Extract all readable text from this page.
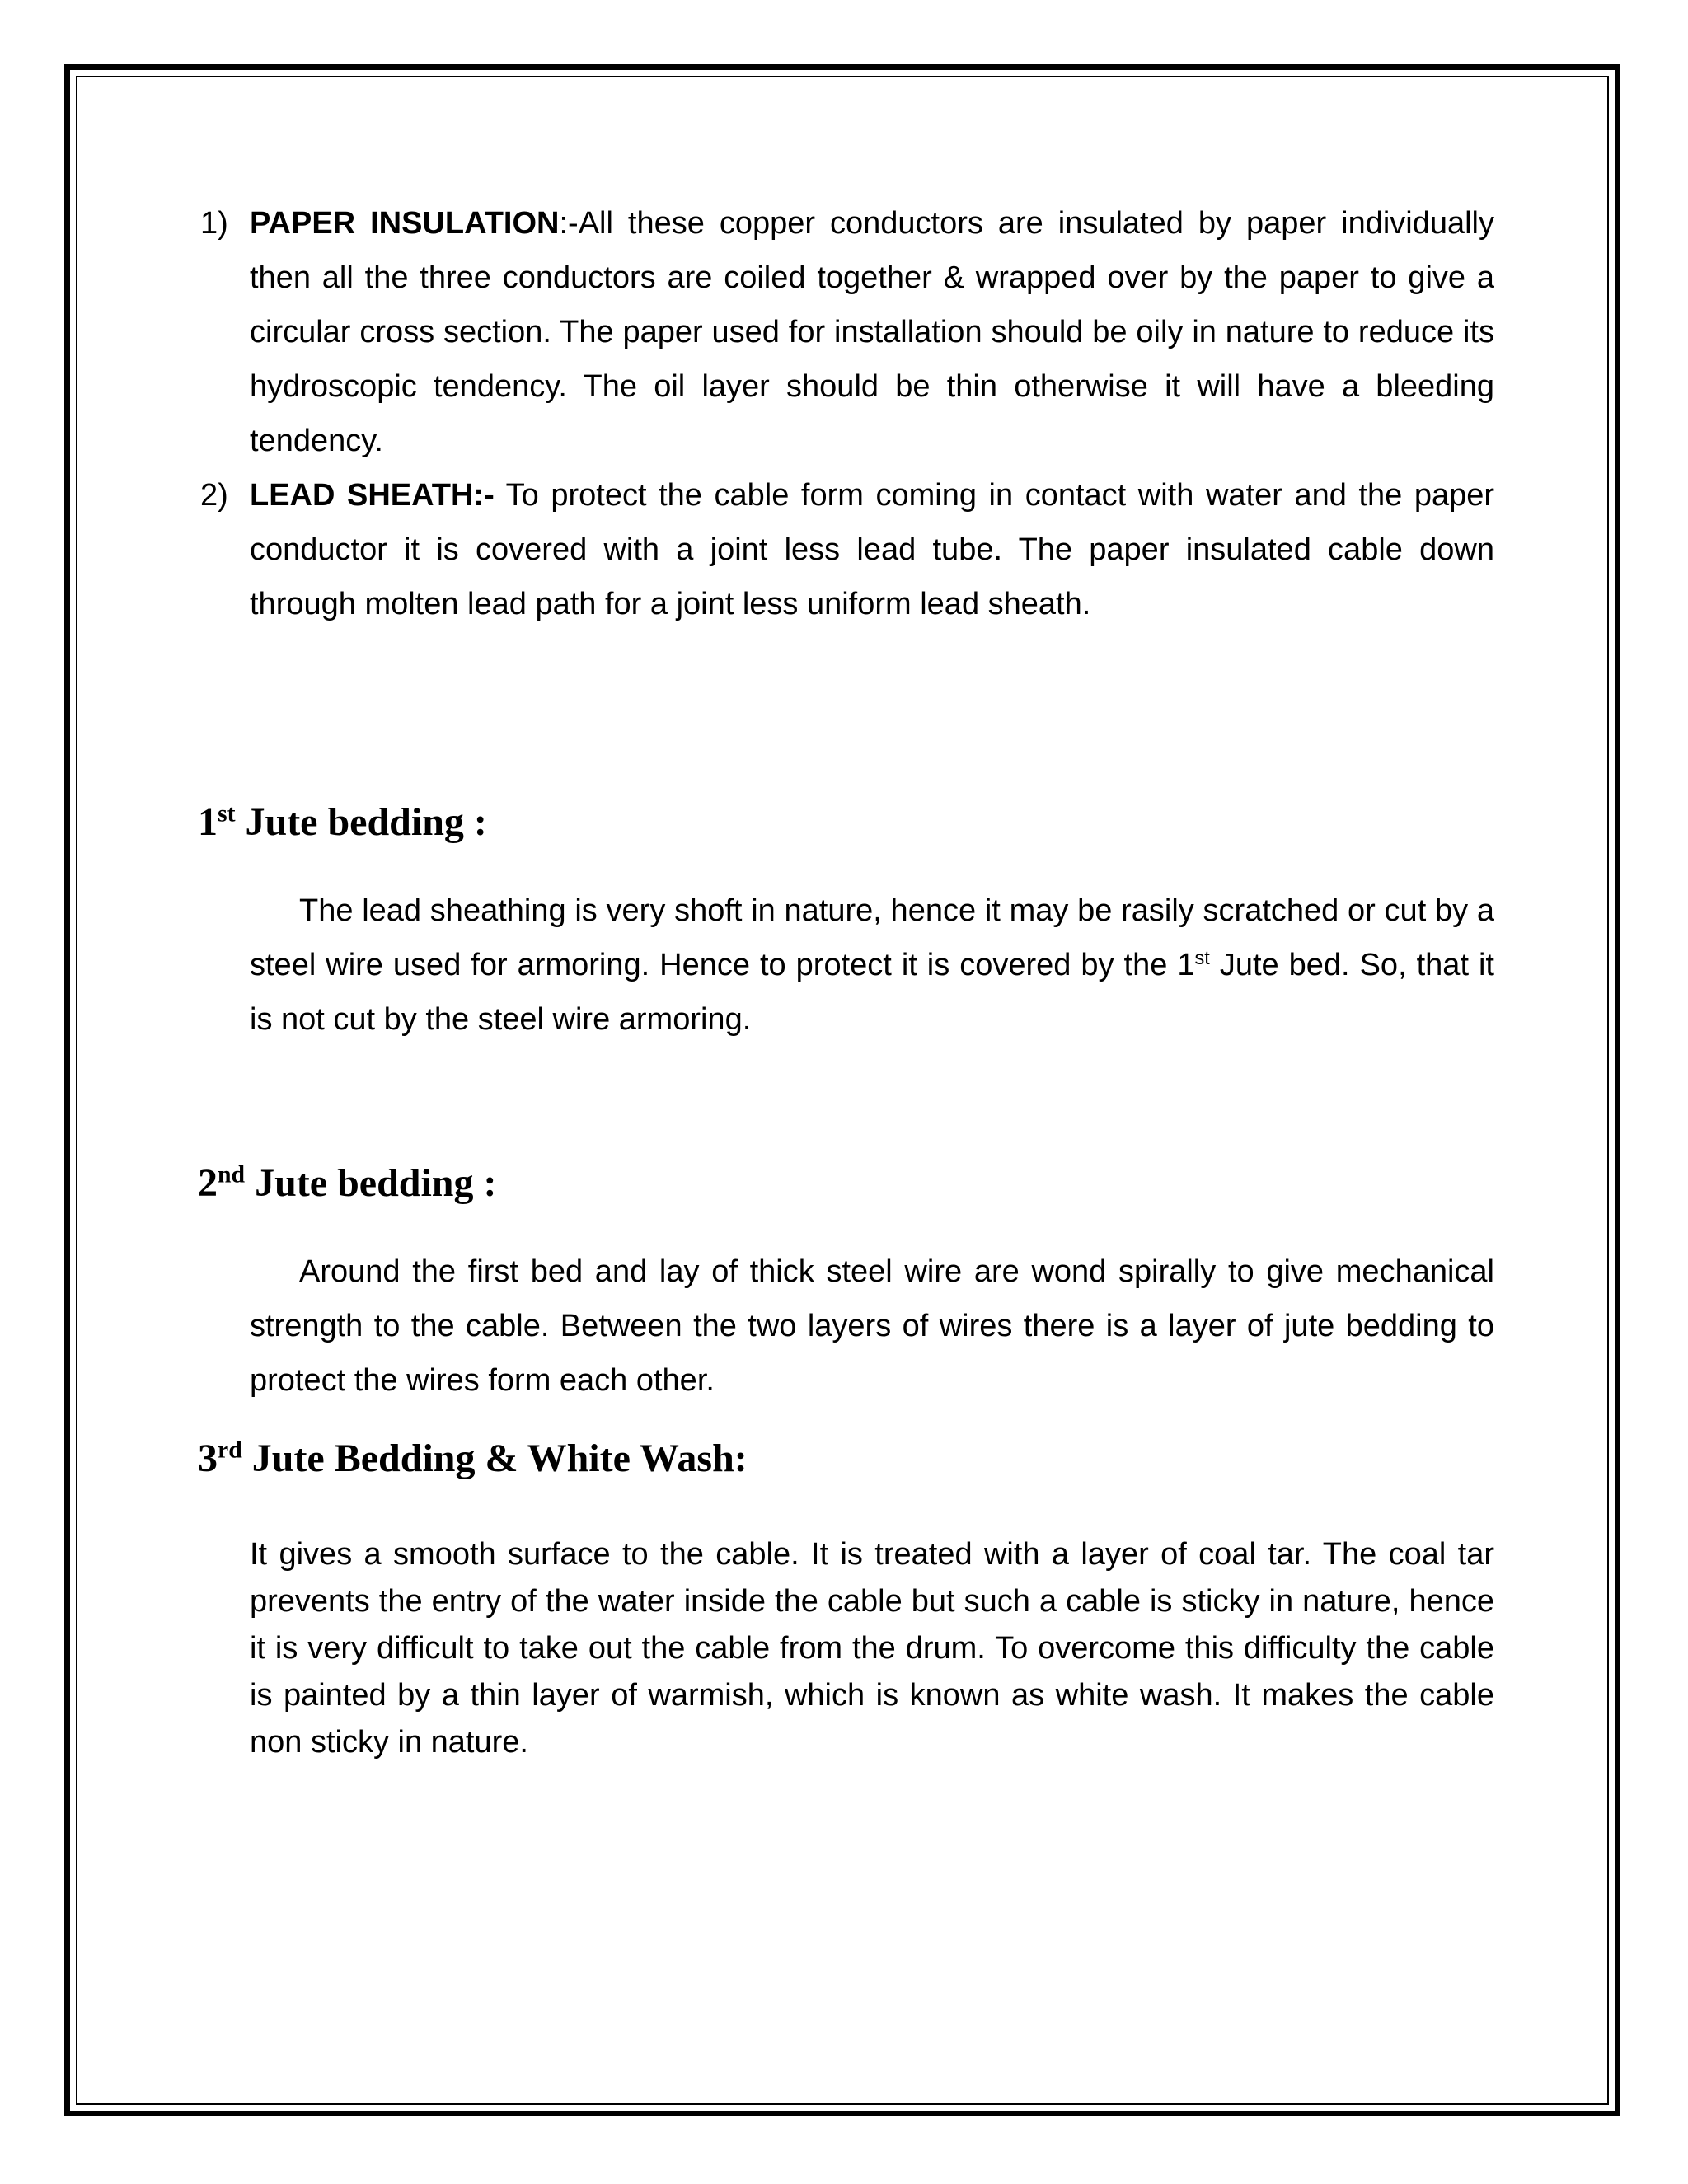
1) PAPER INSULATION:-All these copper conductors are insulated by paper individually then all the three conductors are coiled together & wrapped over by the paper to give a circular cross section. The paper used for installation should be oily in nature to reduce its hydroscopic tendency. The oil layer should be thin otherwise it will have a bleeding tendency.
2) LEAD SHEATH:- To protect the cable form coming in contact with water and the paper conductor it is covered with a joint less lead tube. The paper insulated cable down through molten lead path for a joint less uniform lead sheath.
1st Jute bedding :
The lead sheathing is very shoft in nature, hence it may be rasily scratched or cut by a steel wire used for armoring. Hence to protect it is covered by the 1st Jute bed. So, that it is not cut by the steel wire armoring.
2nd Jute bedding :
Around the first bed and lay of thick steel wire are wond spirally to give mechanical strength to the cable. Between the two layers of wires there is a layer of jute bedding to protect the wires form each other.
3rd Jute Bedding & White Wash:
It gives a smooth surface to the cable. It is treated with a layer of coal tar. The coal tar prevents the entry of the water inside the cable but such a cable is sticky in nature, hence it is very difficult to take out the cable from the drum. To overcome this difficulty the cable is painted by a thin layer of warmish, which is known as white wash. It makes the cable non sticky in nature.
